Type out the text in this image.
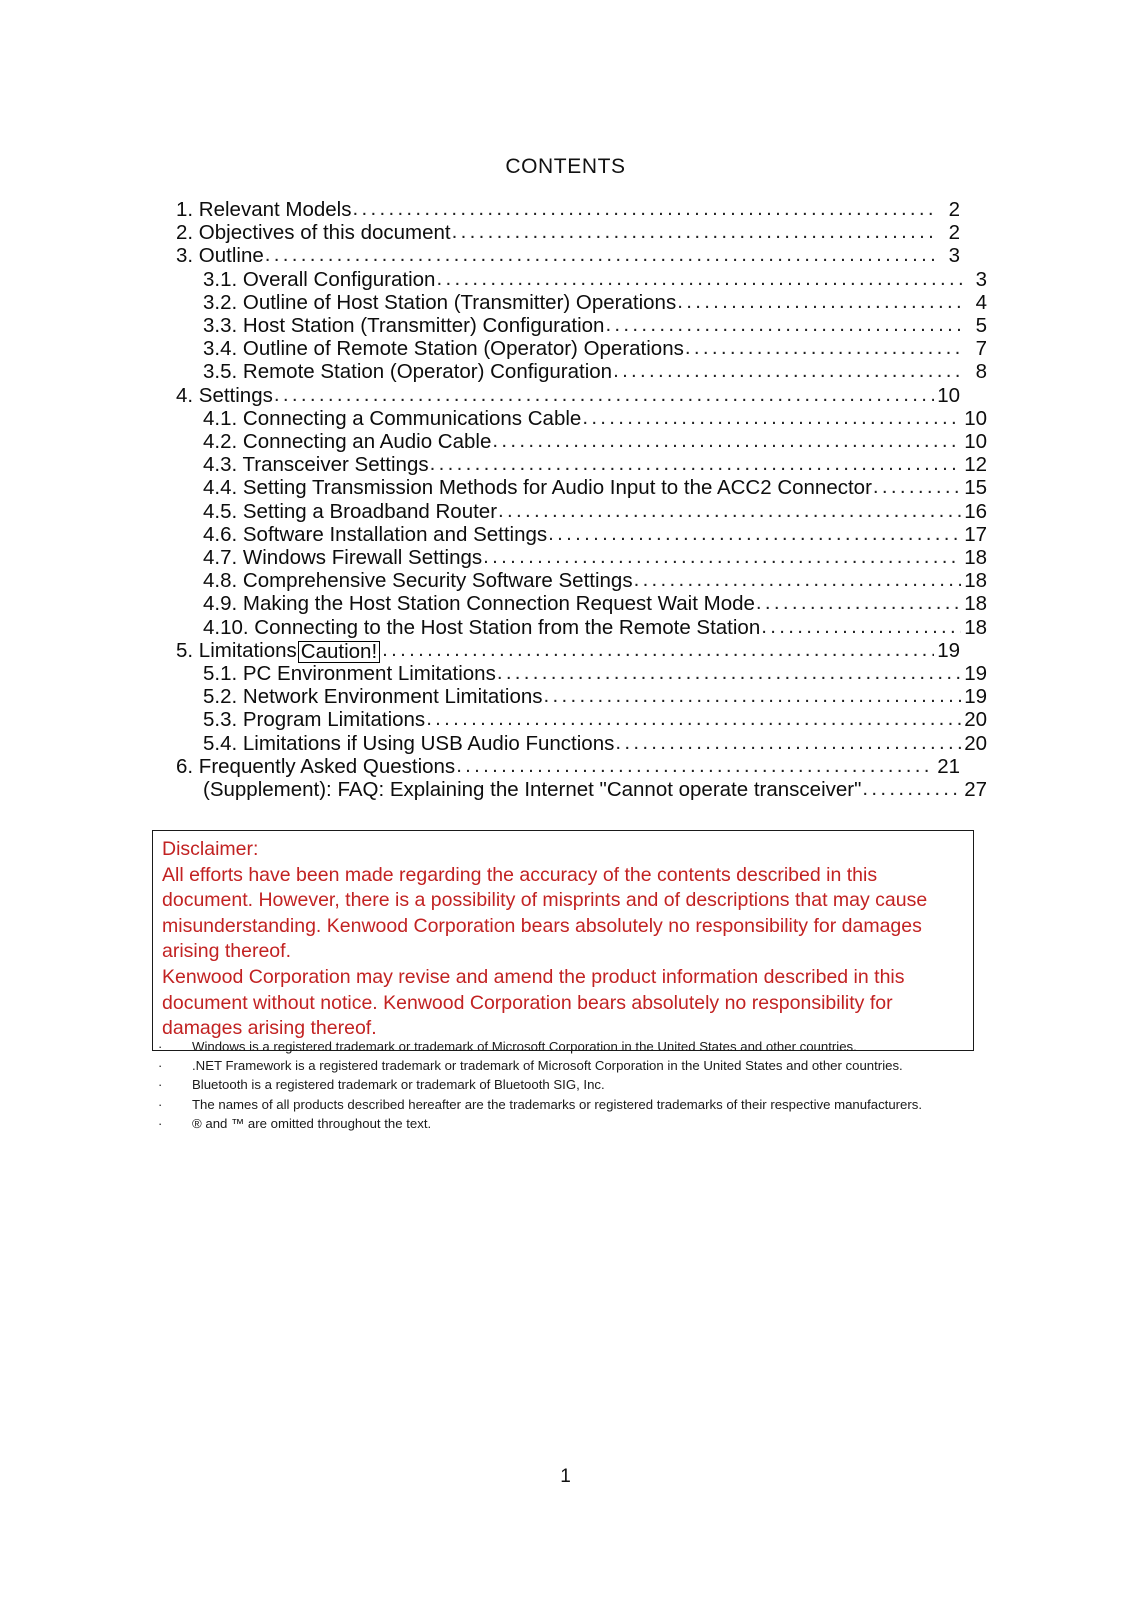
CONTENTS
1. Relevant Models . . .	2
2. Objectives of this document . . .	2
3. Outline . . .	3
3.1. Overall Configuration . . .	3
3.2. Outline of Host Station (Transmitter) Operations . . .	4
3.3. Host Station (Transmitter) Configuration . . .	5
3.4. Outline of Remote Station (Operator) Operations . . .	7
3.5. Remote Station (Operator) Configuration . . .	8
4. Settings . . .	10
4.1. Connecting a Communications Cable . . .	10
4.2. Connecting an Audio Cable . . .	10
4.3. Transceiver Settings . . .	12
4.4. Setting Transmission Methods for Audio Input to the ACC2 Connector . . .	15
4.5. Setting a Broadband Router . . .	16
4.6. Software Installation and Settings . . .	17
4.7. Windows Firewall Settings . . .	18
4.8. Comprehensive Security Software Settings . . .	18
4.9. Making the Host Station Connection Request Wait Mode . . .	18
4.10. Connecting to the Host Station from the Remote Station . . .	18
5. Limitations Caution! . . .	19
5.1. PC Environment Limitations . . .	19
5.2. Network Environment Limitations . . .	19
5.3. Program Limitations . . .	20
5.4. Limitations if Using USB Audio Functions . . .	20
6. Frequently Asked Questions . . .	21
(Supplement): FAQ: Explaining the Internet "Cannot operate transceiver" . . .	27

Disclaimer:

All efforts have been made regarding the accuracy of the contents described in this document. However, there is a possibility of misprints and of descriptions that may cause misunderstanding. Kenwood Corporation bears absolutely no responsibility for damages arising thereof.

Kenwood Corporation may revise and amend the product information described in this document without notice. Kenwood Corporation bears absolutely no responsibility for damages arising thereof.

·	Windows is a registered trademark or trademark of Microsoft Corporation in the United States and other countries.
·	.NET Framework is a registered trademark or trademark of Microsoft Corporation in the United States and other countries.
·	Bluetooth is a registered trademark or trademark of Bluetooth SIG, Inc.
·	The names of all products described hereafter are the trademarks or registered trademarks of their respective manufacturers.
·	® and ™ are omitted throughout the text.
1
